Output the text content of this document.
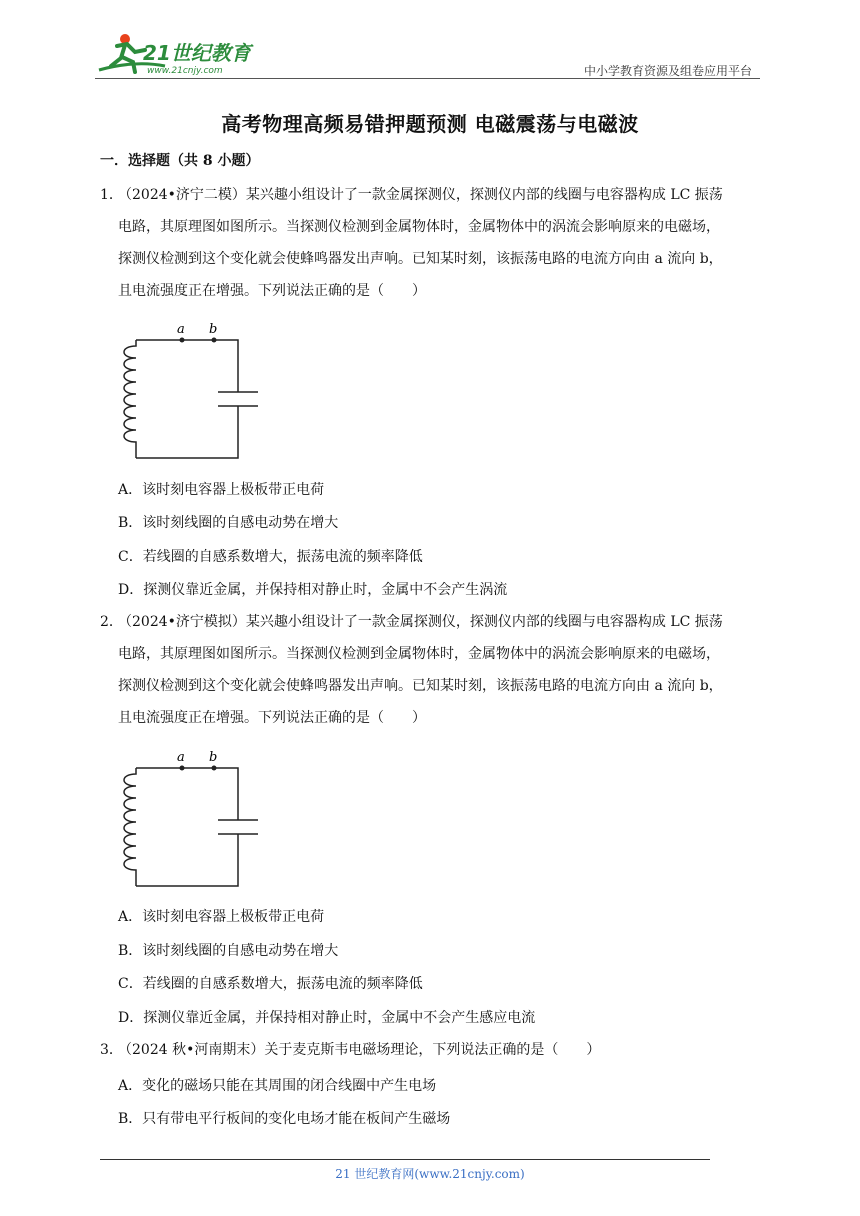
21世纪教育
www.21cnjy.com	中小学教育资源及组卷应用平台
高考物理高频易错押题预测 电磁震荡与电磁波
一．选择题（共 8 小题）
1．（2024•济宁二模）某兴趣小组设计了一款金属探测仪，探测仪内部的线圈与电容器构成 LC 振荡
电路，其原理图如图所示。当探测仪检测到金属物体时，金属物体中的涡流会影响原来的电磁场，
探测仪检测到这个变化就会使蜂鸣器发出声响。已知某时刻，该振荡电路的电流方向由 a 流向 b，
且电流强度正在增强。下列说法正确的是（　　）
a b
A．该时刻电容器上极板带正电荷
B．该时刻线圈的自感电动势在增大
C．若线圈的自感系数增大，振荡电流的频率降低
D．探测仪靠近金属，并保持相对静止时，金属中不会产生涡流
2．（2024•济宁模拟）某兴趣小组设计了一款金属探测仪，探测仪内部的线圈与电容器构成 LC 振荡
电路，其原理图如图所示。当探测仪检测到金属物体时，金属物体中的涡流会影响原来的电磁场，
探测仪检测到这个变化就会使蜂鸣器发出声响。已知某时刻，该振荡电路的电流方向由 a 流向 b，
且电流强度正在增强。下列说法正确的是（　　）
a b
A．该时刻电容器上极板带正电荷
B．该时刻线圈的自感电动势在增大
C．若线圈的自感系数增大，振荡电流的频率降低
D．探测仪靠近金属，并保持相对静止时，金属中不会产生感应电流
3．（2024 秋•河南期末）关于麦克斯韦电磁场理论，下列说法正确的是（　　）
A．变化的磁场只能在其周围的闭合线圈中产生电场
B．只有带电平行板间的变化电场才能在板间产生磁场
21 世纪教育网(www.21cnjy.com)
